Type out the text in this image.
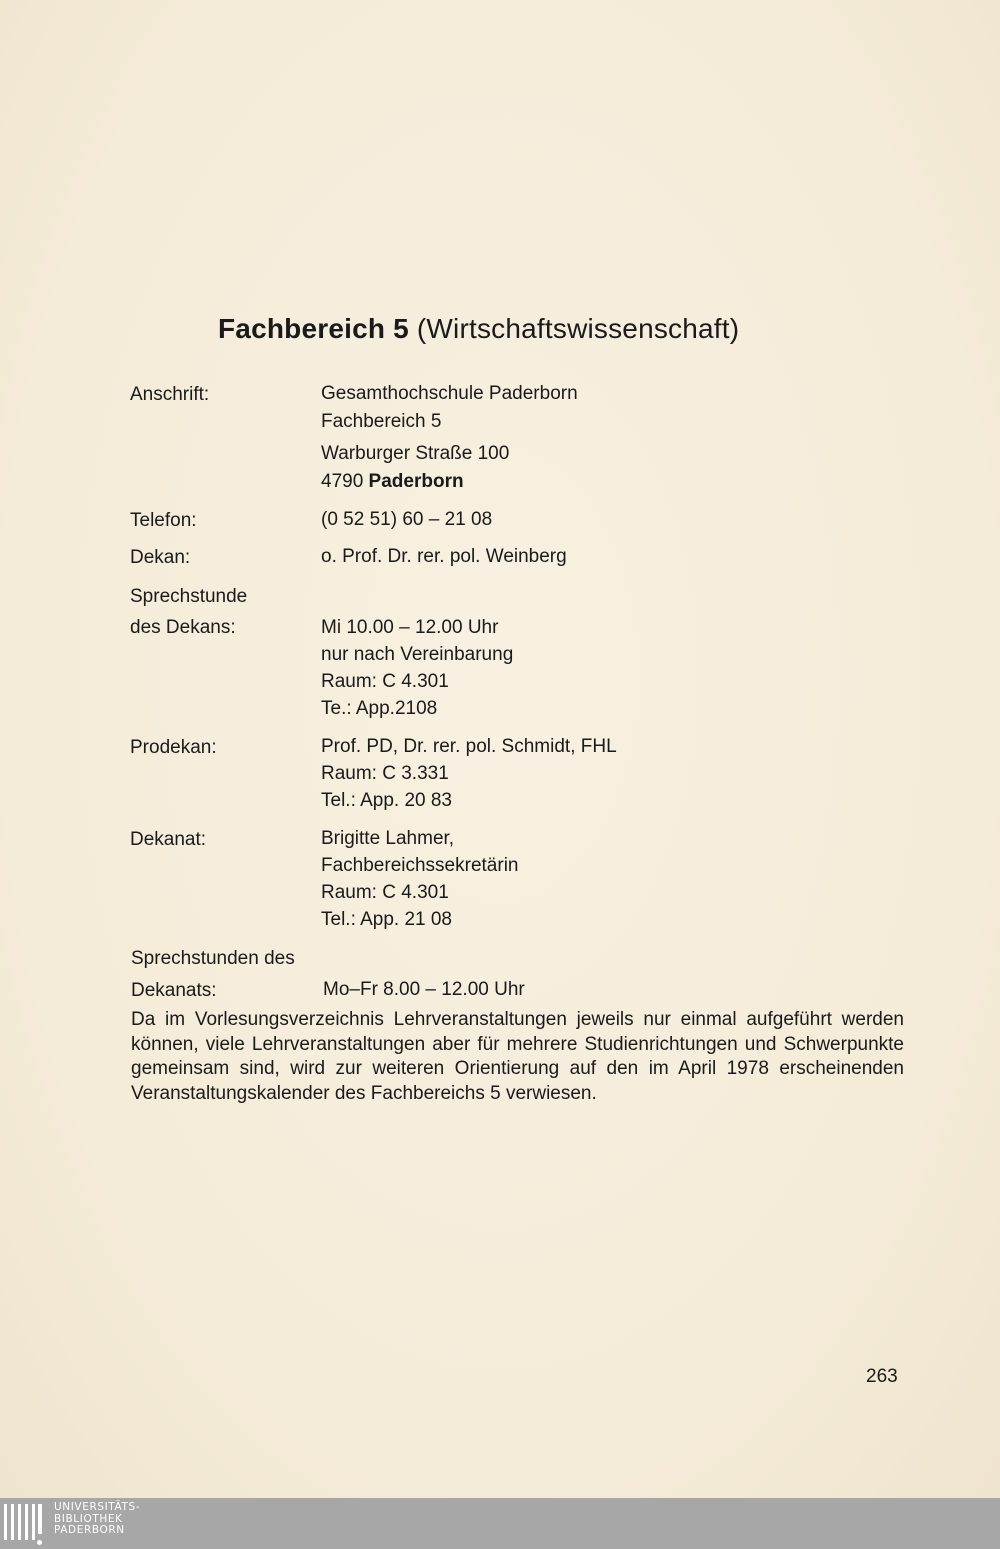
Fachbereich 5 (Wirtschaftswissenschaft)
Anschrift:	Gesamthochschule Paderborn
Fachbereich 5
Warburger Straße 100
4790 Paderborn
Telefon:	(0 52 51) 60 – 21 08
Dekan:	o. Prof. Dr. rer. pol. Weinberg
Sprechstunde
des Dekans:	Mi 10.00 – 12.00 Uhr
nur nach Vereinbarung
Raum: C 4.301
Te.: App.2108
Prodekan:	Prof. PD, Dr. rer. pol. Schmidt, FHL
Raum: C 3.331
Tel.: App. 20 83
Dekanat:	Brigitte Lahmer,
Fachbereichssekretärin
Raum: C 4.301
Tel.: App. 21 08
Sprechstunden des
Dekanats:	Mo–Fr 8.00 – 12.00 Uhr
Da im Vorlesungsverzeichnis Lehrveranstaltungen jeweils nur einmal aufgeführt werden können, viele Lehrveranstaltungen aber für mehrere Studienrichtungen und Schwerpunkte gemeinsam sind, wird zur weiteren Orientierung auf den im April 1978 erscheinenden Veranstaltungskalender des Fachbereichs 5 verwiesen.
263
UNIVERSITÄTS-
BIBLIOTHEK
PADERBORN
